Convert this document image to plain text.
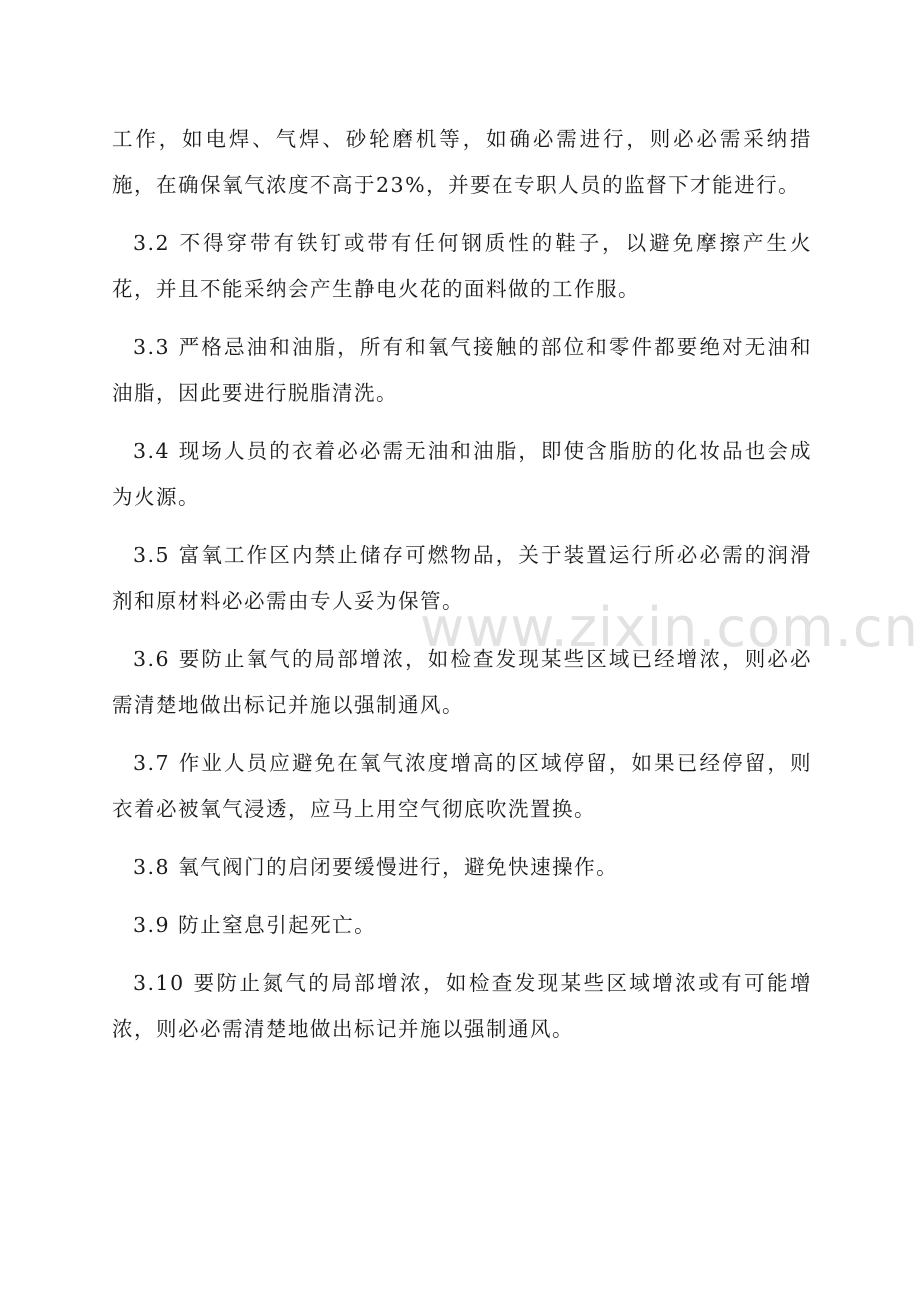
工作，如电焊、气焊、砂轮磨机等，如确必需进行，则必必需采纳措施，在确保氧气浓度不高于23%，并要在专职人员的监督下才能进行。

3.2 不得穿带有铁钉或带有任何钢质性的鞋子，以避免摩擦产生火花，并且不能采纳会产生静电火花的面料做的工作服。

3.3 严格忌油和油脂，所有和氧气接触的部位和零件都要绝对无油和油脂，因此要进行脱脂清洗。

3.4 现场人员的衣着必必需无油和油脂，即使含脂肪的化妆品也会成为火源。

3.5 富氧工作区内禁止储存可燃物品，关于装置运行所必必需的润滑剂和原材料必必需由专人妥为保管。

3.6 要防止氧气的局部增浓，如检查发现某些区域已经增浓，则必必需清楚地做出标记并施以强制通风。

3.7 作业人员应避免在氧气浓度增高的区域停留，如果已经停留，则衣着必被氧气浸透，应马上用空气彻底吹洗置换。

3.8 氧气阀门的启闭要缓慢进行，避免快速操作。

3.9 防止窒息引起死亡。

3.10 要防止氮气的局部增浓，如检查发现某些区域增浓或有可能增浓，则必必需清楚地做出标记并施以强制通风。

www.zixin.com.cn
